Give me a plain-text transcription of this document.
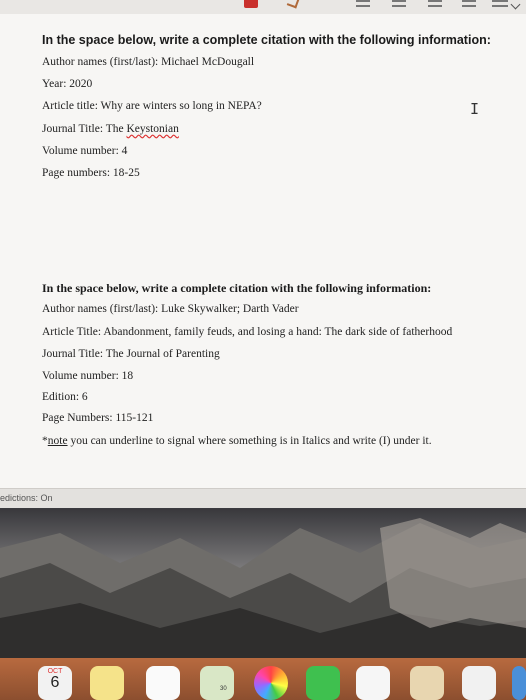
In the space below, write a complete citation with the following information:
Author names (first/last): Michael McDougall
Year: 2020
Article title: Why are winters so long in NEPA?
Journal Title: The Keystonian
Volume number: 4
Page numbers: 18-25
I
In the space below, write a complete citation with the following information:
Author names (first/last): Luke Skywalker; Darth Vader
Article Title: Abandonment, family feuds, and losing a hand: The dark side of fatherhood
Journal Title: The Journal of Parenting
Volume number: 18
Edition: 6
Page Numbers: 115-121
*note you can underline to signal where something is in Italics and write (I) under it.
edictions: On
OCT
6	30
